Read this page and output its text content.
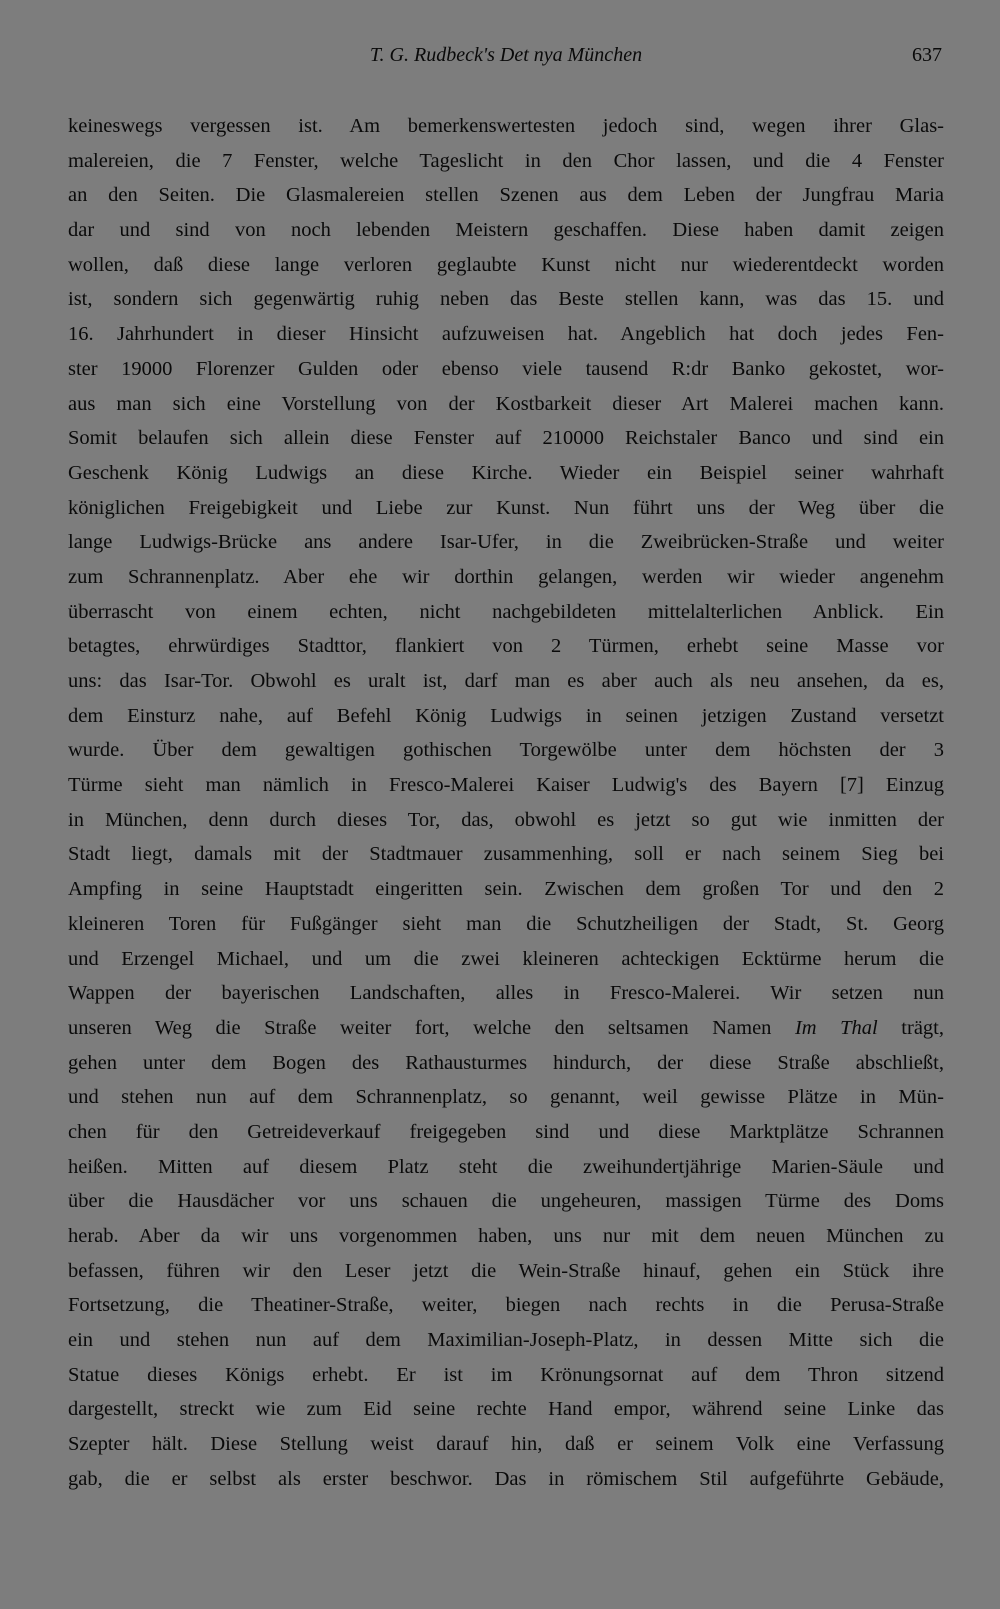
T. G. Rudbeck's Det nya München	637
keineswegs vergessen ist. Am bemerkenswertesten jedoch sind, wegen ihrer Glas-
malereien, die 7 Fenster, welche Tageslicht in den Chor lassen, und die 4 Fenster
an den Seiten. Die Glasmalereien stellen Szenen aus dem Leben der Jungfrau Maria
dar und sind von noch lebenden Meistern geschaffen. Diese haben damit zeigen
wollen, daß diese lange verloren geglaubte Kunst nicht nur wiederentdeckt worden
ist, sondern sich gegenwärtig ruhig neben das Beste stellen kann, was das 15. und
16. Jahrhundert in dieser Hinsicht aufzuweisen hat. Angeblich hat doch jedes Fen-
ster 19000 Florenzer Gulden oder ebenso viele tausend R:dr Banko gekostet, wor-
aus man sich eine Vorstellung von der Kostbarkeit dieser Art Malerei machen kann.
Somit belaufen sich allein diese Fenster auf 210000 Reichstaler Banco und sind ein
Geschenk König Ludwigs an diese Kirche. Wieder ein Beispiel seiner wahrhaft
königlichen Freigebigkeit und Liebe zur Kunst. Nun führt uns der Weg über die
lange Ludwigs-Brücke ans andere Isar-Ufer, in die Zweibrücken-Straße und weiter
zum Schrannenplatz. Aber ehe wir dorthin gelangen, werden wir wieder angenehm
überrascht von einem echten, nicht nachgebildeten mittelalterlichen Anblick. Ein
betagtes, ehrwürdiges Stadttor, flankiert von 2 Türmen, erhebt seine Masse vor
uns: das Isar-Tor. Obwohl es uralt ist, darf man es aber auch als neu ansehen, da es,
dem Einsturz nahe, auf Befehl König Ludwigs in seinen jetzigen Zustand versetzt
wurde. Über dem gewaltigen gothischen Torgewölbe unter dem höchsten der 3
Türme sieht man nämlich in Fresco-Malerei Kaiser Ludwig's des Bayern [7] Einzug
in München, denn durch dieses Tor, das, obwohl es jetzt so gut wie inmitten der
Stadt liegt, damals mit der Stadtmauer zusammenhing, soll er nach seinem Sieg bei
Ampfing in seine Hauptstadt eingeritten sein. Zwischen dem großen Tor und den 2
kleineren Toren für Fußgänger sieht man die Schutzheiligen der Stadt, St. Georg
und Erzengel Michael, und um die zwei kleineren achteckigen Ecktürme herum die
Wappen der bayerischen Landschaften, alles in Fresco-Malerei. Wir setzen nun
unseren Weg die Straße weiter fort, welche den seltsamen Namen Im Thal trägt,
gehen unter dem Bogen des Rathausturmes hindurch, der diese Straße abschließt,
und stehen nun auf dem Schrannenplatz, so genannt, weil gewisse Plätze in Mün-
chen für den Getreideverkauf freigegeben sind und diese Marktplätze Schrannen
heißen. Mitten auf diesem Platz steht die zweihundertjährige Marien-Säule und
über die Hausdächer vor uns schauen die ungeheuren, massigen Türme des Doms
herab. Aber da wir uns vorgenommen haben, uns nur mit dem neuen München zu
befassen, führen wir den Leser jetzt die Wein-Straße hinauf, gehen ein Stück ihre
Fortsetzung, die Theatiner-Straße, weiter, biegen nach rechts in die Perusa-Straße
ein und stehen nun auf dem Maximilian-Joseph-Platz, in dessen Mitte sich die
Statue dieses Königs erhebt. Er ist im Krönungsornat auf dem Thron sitzend
dargestellt, streckt wie zum Eid seine rechte Hand empor, während seine Linke das
Szepter hält. Diese Stellung weist darauf hin, daß er seinem Volk eine Verfassung
gab, die er selbst als erster beschwor. Das in römischem Stil aufgeführte Gebäude,
